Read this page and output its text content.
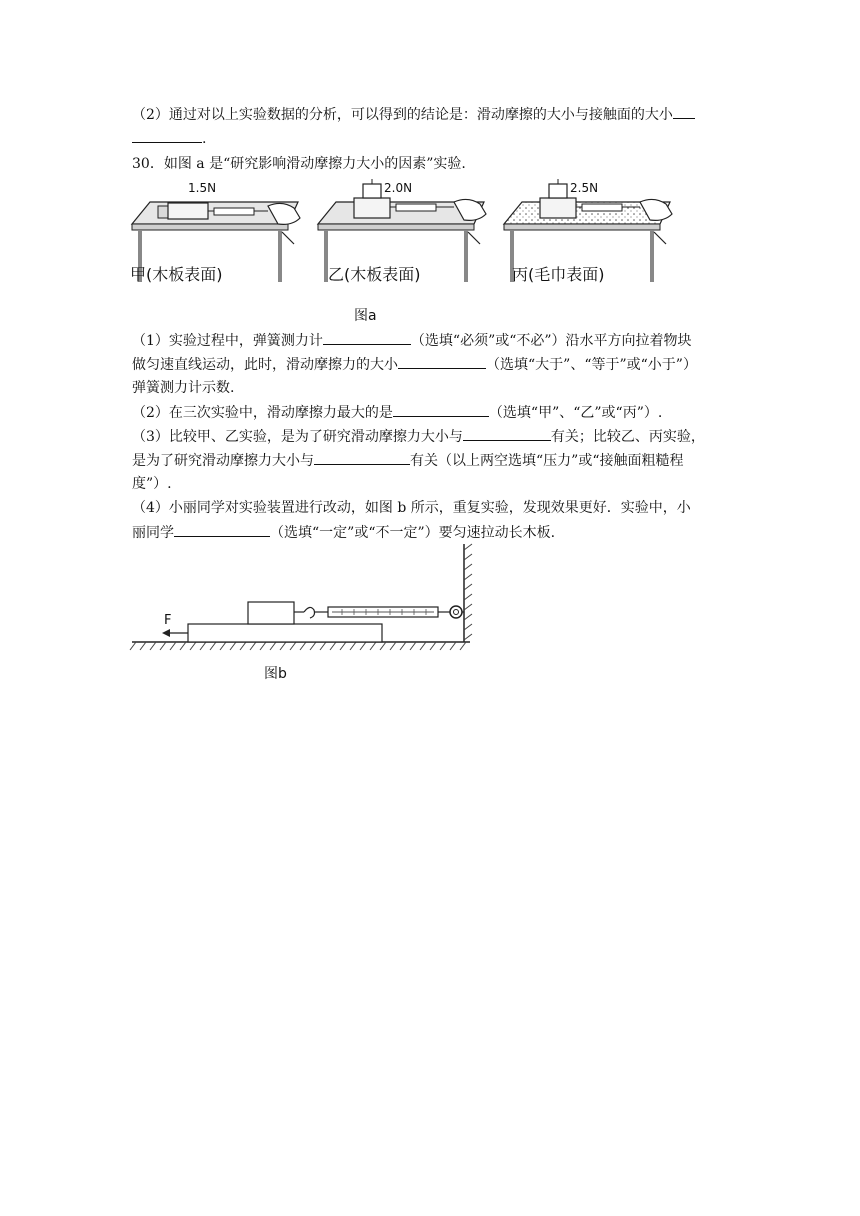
（2）通过对以上实验数据的分析，可以得到的结论是：滑动摩擦的大小与接触面的大小
.
30．如图 a 是“研究影响滑动摩擦力大小的因素”实验.
（1）实验过程中，弹簧测力计	（选填“必须”或“不必”）沿水平方向拉着物块
做匀速直线运动，此时，滑动摩擦力的大小	（选填“大于”、“等于”或“小于”）
弹簧测力计示数.
（2）在三次实验中，滑动摩擦力最大的是	（选填“甲”、“乙”或“丙”）.
（3）比较甲、乙实验，是为了研究滑动摩擦力大小与	有关；比较乙、丙实验，
是为了研究滑动摩擦力大小与	有关（以上两空选填“压力”或“接触面粗糙程
度”）.
（4）小丽同学对实验装置进行改动，如图 b 所示，重复实验，发现效果更好．实验中，小
丽同学	（选填“一定”或“不一定”）要匀速拉动长木板.
1.5N
甲(木板表面)
2.0N
乙(木板表面)
2.5N
丙(毛巾表面)
图a
F
图b
